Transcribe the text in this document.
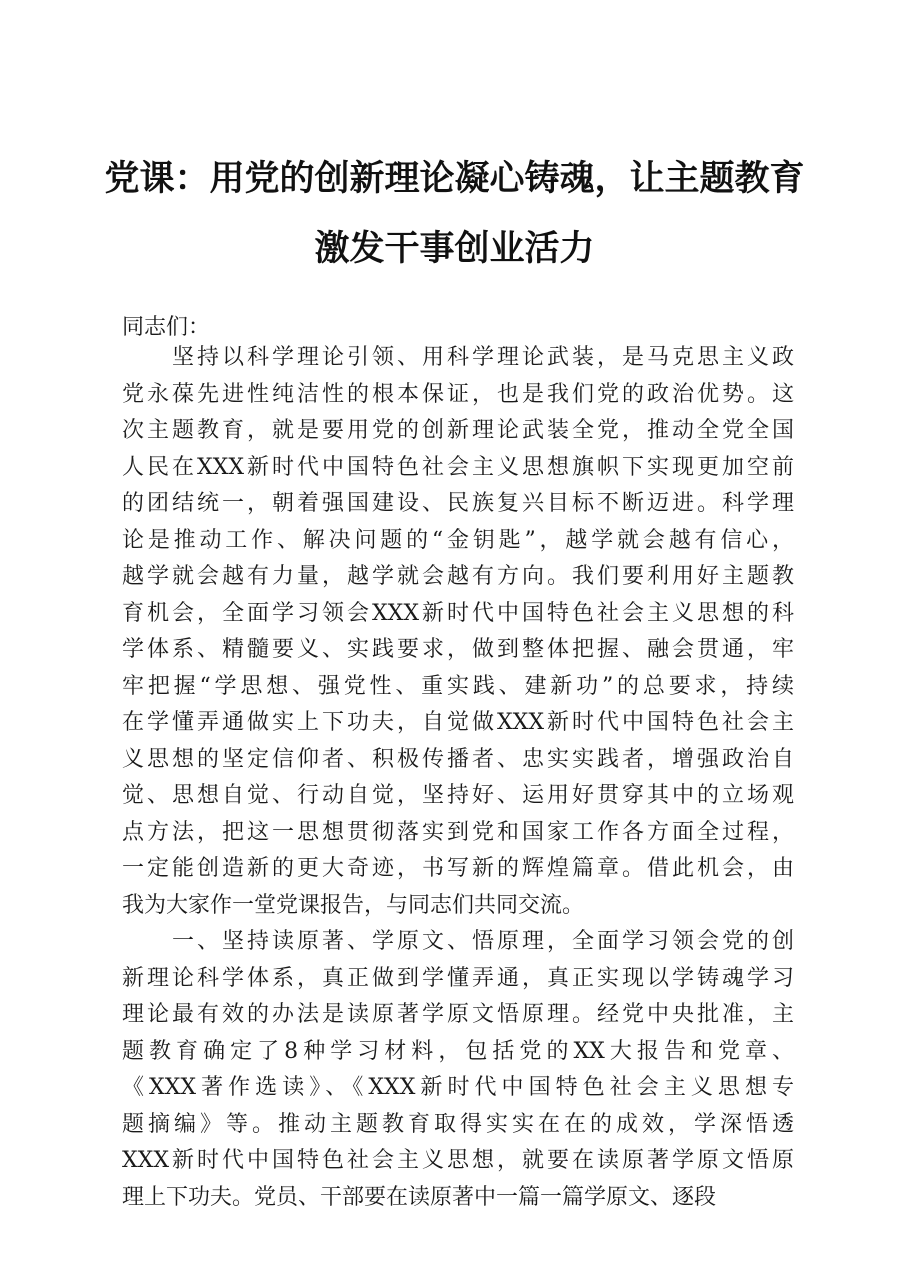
党课：用党的创新理论凝心铸魂，让主题教育
激发干事创业活力
同志们：
　　坚持以科学理论引领、用科学理论武装，是马克思主义政
党永葆先进性纯洁性的根本保证，也是我们党的政治优势。这
次主题教育，就是要用党的创新理论武装全党，推动全党全国
人民在XXX新时代中国特色社会主义思想旗帜下实现更加空前
的团结统一，朝着强国建设、民族复兴目标不断迈进。科学理
论是推动工作、解决问题的“金钥匙”，越学就会越有信心，
越学就会越有力量，越学就会越有方向。我们要利用好主题教
育机会，全面学习领会XXX新时代中国特色社会主义思想的科
学体系、精髓要义、实践要求，做到整体把握、融会贯通，牢
牢把握“学思想、强党性、重实践、建新功”的总要求，持续
在学懂弄通做实上下功夫，自觉做XXX新时代中国特色社会主
义思想的坚定信仰者、积极传播者、忠实实践者，增强政治自
觉、思想自觉、行动自觉，坚持好、运用好贯穿其中的立场观
点方法，把这一思想贯彻落实到党和国家工作各方面全过程，
一定能创造新的更大奇迹，书写新的辉煌篇章。借此机会，由
我为大家作一堂党课报告，与同志们共同交流。
　　一、坚持读原著、学原文、悟原理，全面学习领会党的创
新理论科学体系，真正做到学懂弄通，真正实现以学铸魂学习
理论最有效的办法是读原著学原文悟原理。经党中央批准，主
题教育确定了8种学习材料，包括党的XX大报告和党章、
《XXX著作选读》、《XXX新时代中国特色社会主义思想专
题摘编》等。推动主题教育取得实实在在的成效，学深悟透
XXX新时代中国特色社会主义思想，就要在读原著学原文悟原
理上下功夫。党员、干部要在读原著中一篇一篇学原文、逐段
